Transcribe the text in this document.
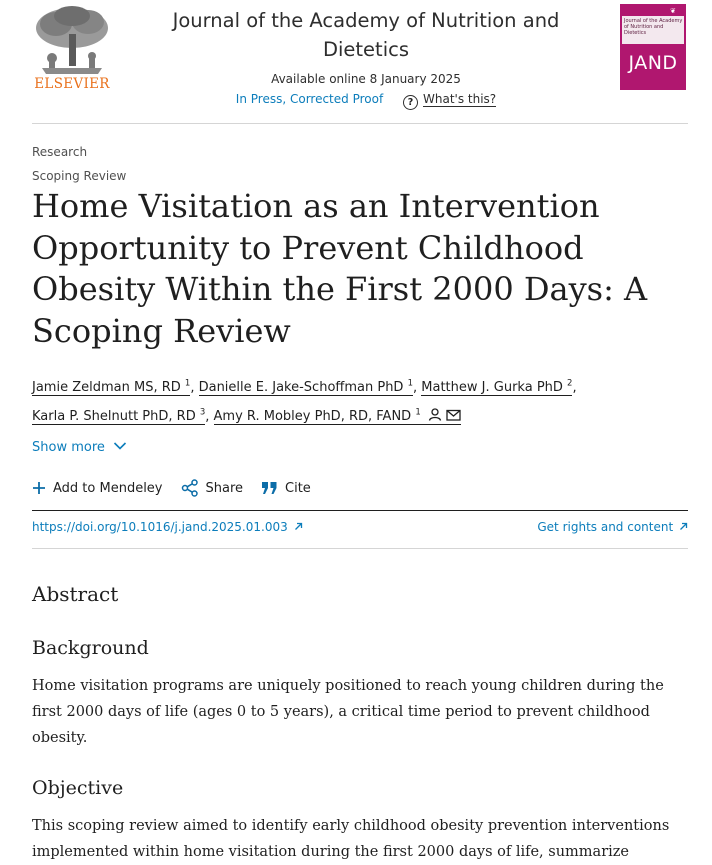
ELSEVIER
Journal of the Academy of Nutrition and
Dietetics
Available online 8 January 2025
In Press, Corrected Proof	? What's this?
❦
Journal of the Academy of Nutrition and Dietetics
JAND
Research
Scoping Review
Home Visitation as an Intervention Opportunity to Prevent Childhood Obesity Within the First 2000 Days: A Scoping Review
Jamie Zeldman MS, RD $^1$, Danielle E. Jake-Schoffman PhD $^1$, Matthew J. Gurka PhD $^2$,
Karla P. Shelnutt PhD, RD $^3$, Amy R. Mobley PhD, RD, FAND $^1$
Show more
Add to Mendeley	Share	Cite
https://doi.org/10.1016/j.jand.2025.01.003	Get rights and content
Abstract
Background

Home visitation programs are uniquely positioned to reach young children during the first 2000 days of life (ages 0 to 5 years), a critical time period to prevent childhood obesity.

Objective

This scoping review aimed to identify early childhood obesity prevention interventions implemented within home visitation during the first 2000 days of life, summarize
